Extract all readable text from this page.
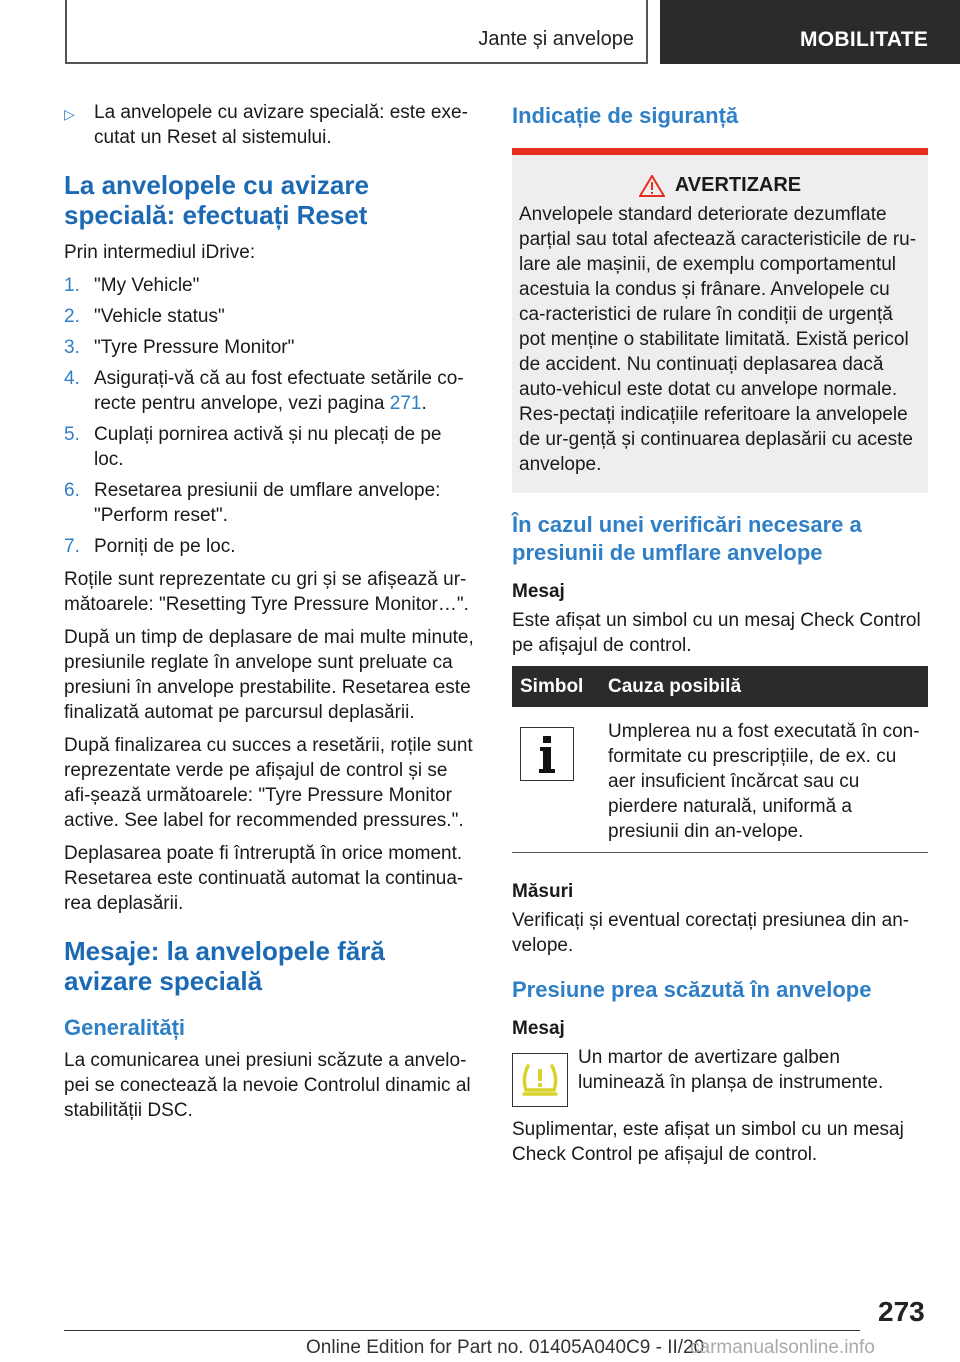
Jante și anvelope	MOBILITATE
▷	La anvelopele cu avizare specială: este exe‐cutat un Reset al sistemului.
La anvelopele cu avizare specială: efectuați Reset

Prin intermediul iDrive:

1. "My Vehicle"
2. "Vehicle status"
3. "Tyre Pressure Monitor"
4. Asigurați-vă că au fost efectuate setările co‐recte pentru anvelope, vezi pagina 271.
5. Cuplați pornirea activă și nu plecați de pe loc.
6. Resetarea presiunii de umflare anvelope: "Perform reset".
7. Porniți de pe loc.

Roțile sunt reprezentate cu gri și se afișează ur‐mătoarele: "Resetting Tyre Pressure Monitor…".

După un timp de deplasare de mai multe minute, presiunile reglate în anvelope sunt preluate ca presiuni în anvelope prestabilite. Resetarea este finalizată automat pe parcursul deplasării.

După finalizarea cu succes a resetării, roțile sunt reprezentate verde pe afișajul de control și se afi‐șează următoarele: "Tyre Pressure Monitor active. See label for recommended pressures.".

Deplasarea poate fi întreruptă în orice moment. Resetarea este continuată automat la continua‐rea deplasării.

Mesaje: la anvelopele fără avizare specială
Generalități

La comunicarea unei presiuni scăzute a anvelo‐pei se conectează la nevoie Controlul dinamic al stabilității DSC.

Indicație de siguranță
AVERTIZARE
Anvelopele standard deteriorate dezumflate parțial sau total afectează caracteristicile de ru‐lare ale mașinii, de exemplu comportamentul acestuia la condus și frânare. Anvelopele cu ca‐racteristici de rulare în condiții de urgență pot menține o stabilitate limitată. Există pericol de accident. Nu continuați deplasarea dacă auto‐vehicul este dotat cu anvelope normale. Res‐pectați indicațiile referitoare la anvelopele de ur‐gență și continuarea deplasării cu aceste anvelope.
În cazul unei verificări necesare a presiunii de umflare anvelope
Mesaj

Este afișat un simbol cu un mesaj Check Control pe afișajul de control.

Simbol	Cauza posibilă

	Umplerea nu a fost executată în con‐formitate cu prescripțiile, de ex. cu aer insuficient încărcat sau cu pierdere naturală, uniformă a presiunii din an‐velope.
Măsuri

Verificați și eventual corectați presiunea din an‐velope.

Presiune prea scăzută în anvelope
Mesaj

Un martor de avertizare galben luminează în planșa de instrumente.

Suplimentar, este afișat un simbol cu un mesaj Check Control pe afișajul de control.

273
Online Edition for Part no. 01405A040C9 - II/20
carmanualsonline.info
